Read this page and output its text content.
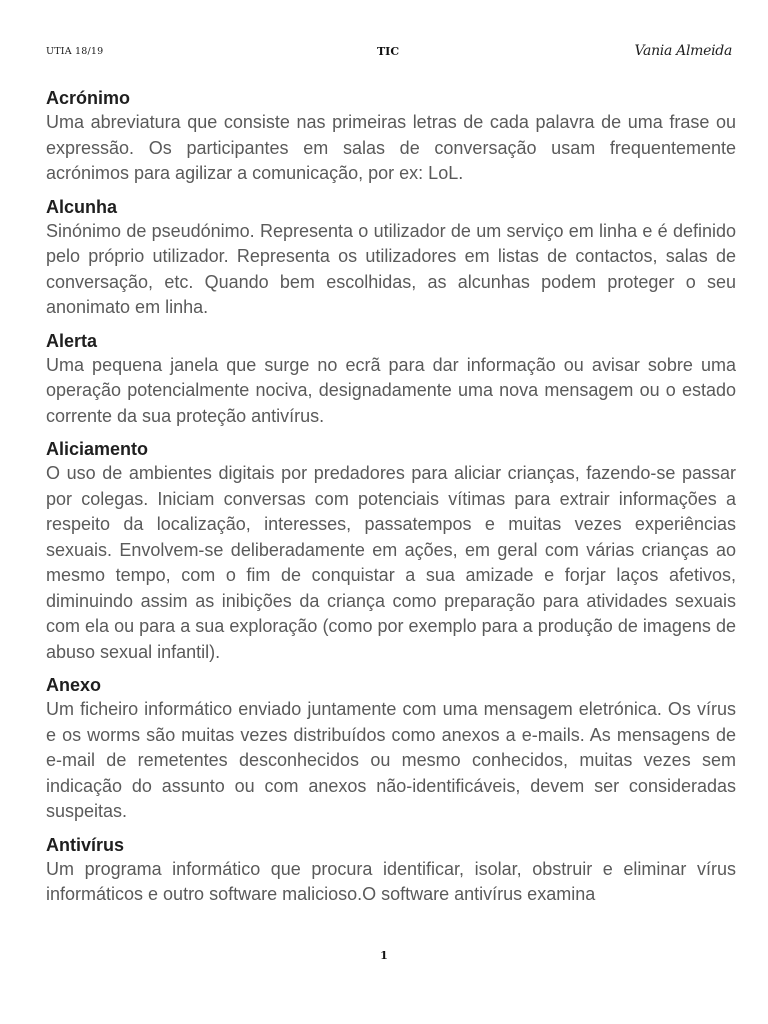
UTIA 18/19	TIC	Vania Almeida
Acrónimo
Uma abreviatura que consiste nas primeiras letras de cada palavra de uma frase ou expressão. Os participantes em salas de conversação usam frequentemente acrónimos para agilizar a comunicação, por ex: LoL.
Alcunha
Sinónimo de pseudónimo. Representa o utilizador de um serviço em linha e é definido pelo próprio utilizador. Representa os utilizadores em listas de contactos, salas de conversação, etc. Quando bem escolhidas, as alcunhas podem proteger o seu anonimato em linha.
Alerta
Uma pequena janela que surge no ecrã para dar informação ou avisar sobre uma operação potencialmente nociva, designadamente uma nova mensagem ou o estado corrente da sua proteção antivírus.
Aliciamento
O uso de ambientes digitais por predadores para aliciar crianças, fazendo-se passar por colegas. Iniciam conversas com potenciais vítimas para extrair informações a respeito da localização, interesses, passatempos e muitas vezes experiências sexuais. Envolvem-se deliberadamente em ações, em geral com várias crianças ao mesmo tempo, com o fim de conquistar a sua amizade e forjar laços afetivos, diminuindo assim as inibições da criança como preparação para atividades sexuais com ela ou para a sua exploração (como por exemplo para a produção de imagens de abuso sexual infantil).
Anexo
Um ficheiro informático enviado juntamente com uma mensagem eletrónica. Os vírus e os worms são muitas vezes distribuídos como anexos a e-mails. As mensagens de e-mail de remetentes desconhecidos ou mesmo conhecidos, muitas vezes sem indicação do assunto ou com anexos não-identificáveis, devem ser consideradas suspeitas.
Antivírus
Um programa informático que procura identificar, isolar, obstruir e eliminar vírus informáticos e outro software malicioso.O software antivírus examina
1
